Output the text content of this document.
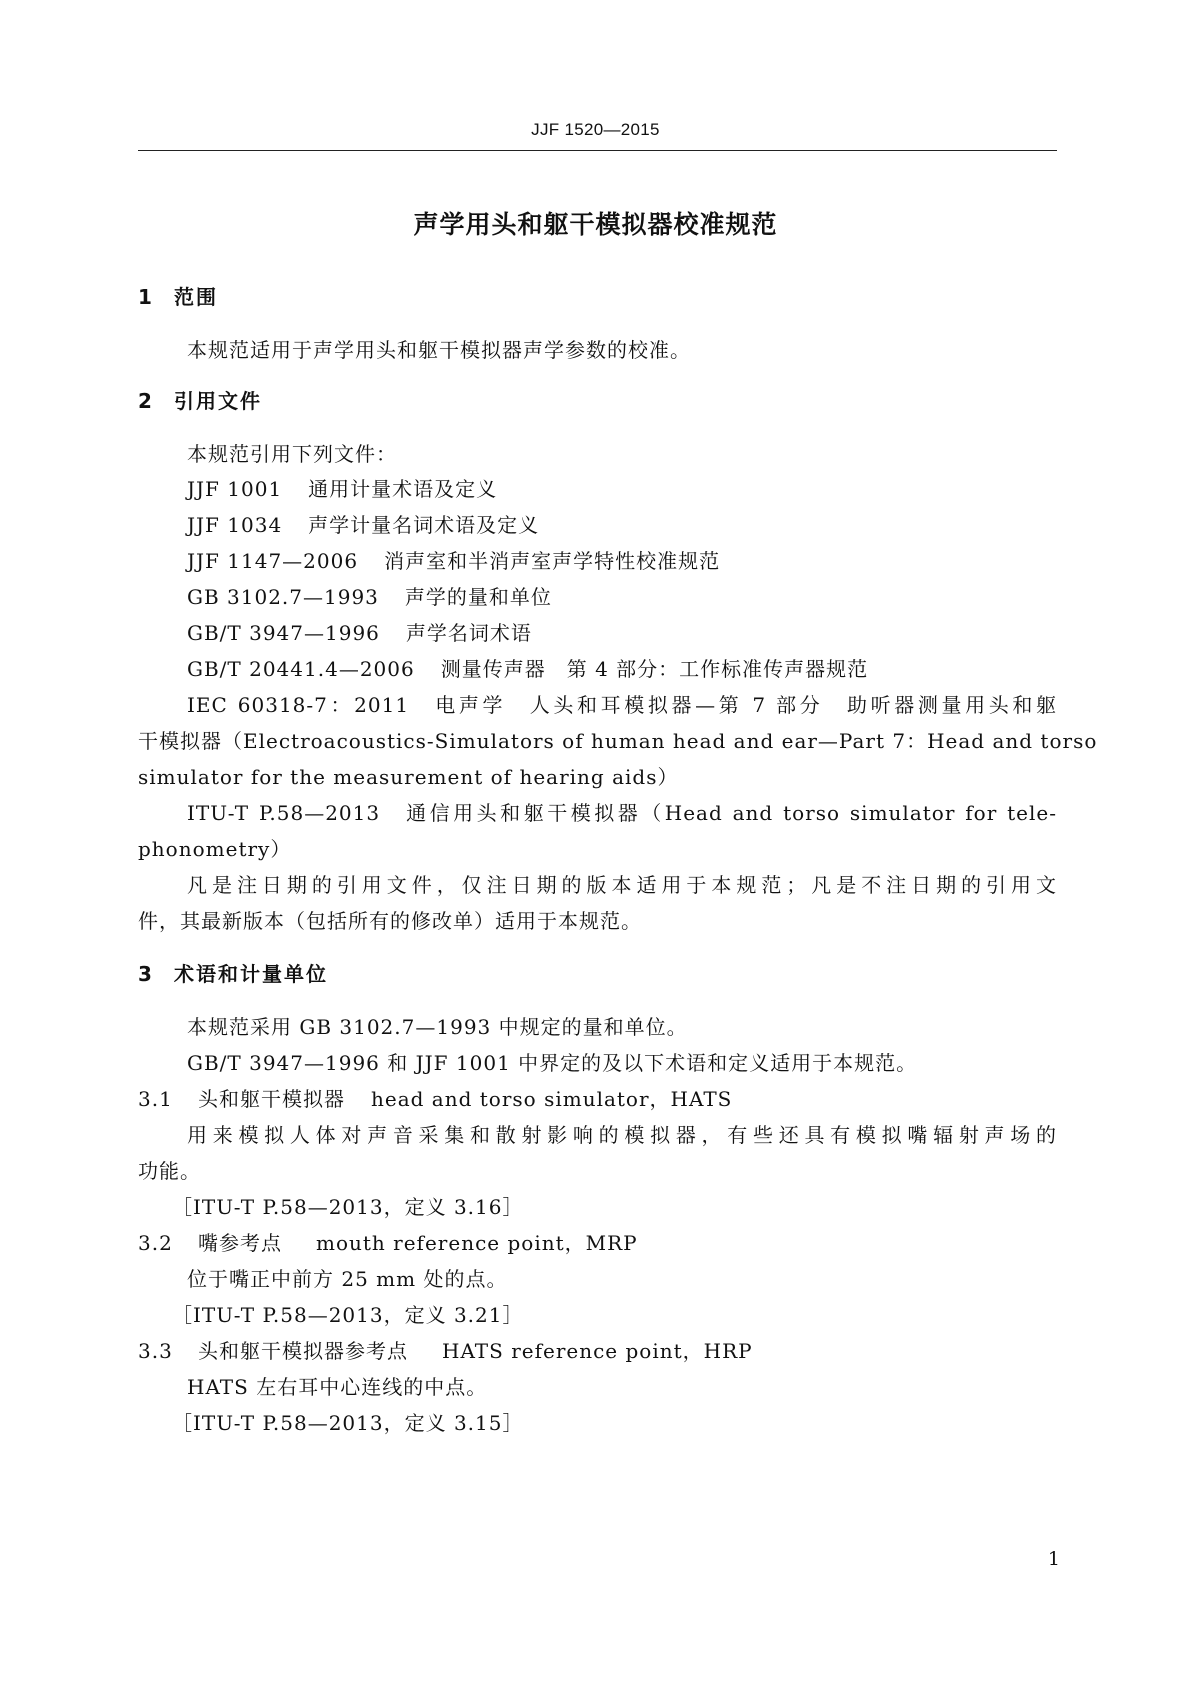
JJF 1520—2015
声学用头和躯干模拟器校准规范
1 范围
本规范适用于声学用头和躯干模拟器声学参数的校准。
2 引用文件
本规范引用下列文件：
JJF 1001 通用计量术语及定义
JJF 1034 声学计量名词术语及定义
JJF 1147—2006 消声室和半消声室声学特性校准规范
GB 3102.7—1993 声学的量和单位
GB/T 3947—1996 声学名词术语
GB/T 20441.4—2006 测量传声器　第 4 部分：工作标准传声器规范
IEC 60318-7：2011　电声学　人头和耳模拟器—第 7 部分　助听器测量用头和躯
干模拟器（Electroacoustics-Simulators of human head and ear—Part 7：Head and torso
simulator for the measurement of hearing aids）
ITU-T P.58—2013　通信用头和躯干模拟器（Head and torso simulator for tele-
phonometry）
凡是注日期的引用文件，仅注日期的版本适用于本规范；凡是不注日期的引用文
件，其最新版本（包括所有的修改单）适用于本规范。
3 术语和计量单位
本规范采用 GB 3102.7—1993 中规定的量和单位。
GB/T 3947—1996 和 JJF 1001 中界定的及以下术语和定义适用于本规范。
3.1 头和躯干模拟器 head and torso simulator，HATS
用来模拟人体对声音采集和散射影响的模拟器，有些还具有模拟嘴辐射声场的
功能。
［ITU-T P.58—2013，定义 3.16］
3.2 嘴参考点 mouth reference point，MRP
位于嘴正中前方 25 mm 处的点。
［ITU-T P.58—2013，定义 3.21］
3.3 头和躯干模拟器参考点 HATS reference point，HRP
HATS 左右耳中心连线的中点。
［ITU-T P.58—2013，定义 3.15］
1
